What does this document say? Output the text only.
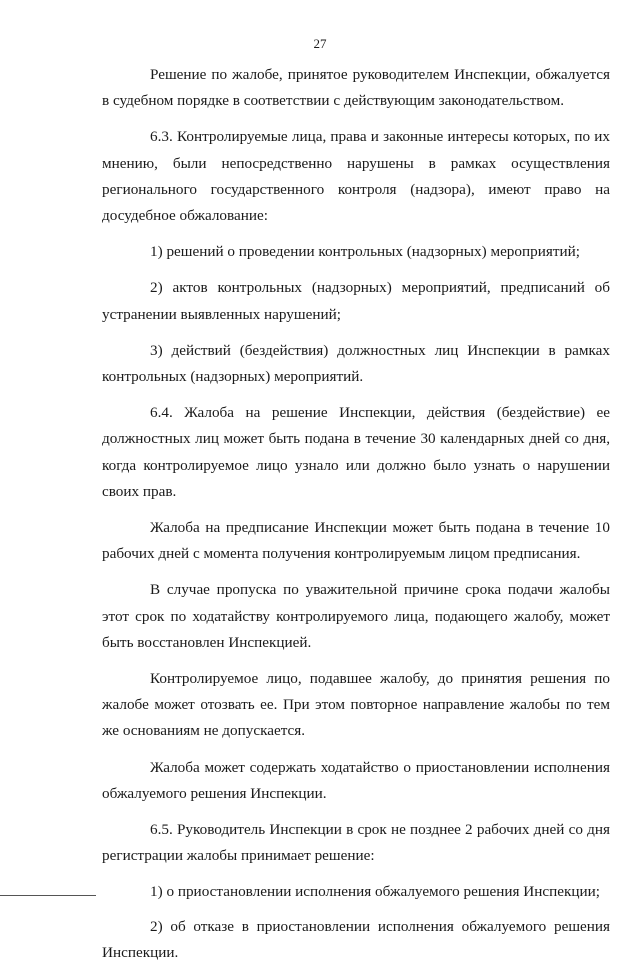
27

Решение по жалобе, принятое руководителем Инспекции, обжалуется в судебном порядке в соответствии с действующим законодательством.

6.3. Контролируемые лица, права и законные интересы которых, по их мнению, были непосредственно нарушены в рамках осуществления регионального государственного контроля (надзора), имеют право на досудебное обжалование:

1) решений о проведении контрольных (надзорных) мероприятий;

2) актов контрольных (надзорных) мероприятий, предписаний об устранении выявленных нарушений;

3) действий (бездействия) должностных лиц Инспекции в рамках контрольных (надзорных) мероприятий.

6.4. Жалоба на решение Инспекции, действия (бездействие) ее должностных лиц может быть подана в течение 30 календарных дней со дня, когда контролируемое лицо узнало или должно было узнать о нарушении своих прав.

Жалоба на предписание Инспекции может быть подана в течение 10 рабочих дней с момента получения контролируемым лицом предписания.

В случае пропуска по уважительной причине срока подачи жалобы этот срок по ходатайству контролируемого лица, подающего жалобу, может быть восстановлен Инспекцией.

Контролируемое лицо, подавшее жалобу, до принятия решения по жалобе может отозвать ее. При этом повторное направление жалобы по тем же основаниям не допускается.

Жалоба может содержать ходатайство о приостановлении исполнения обжалуемого решения Инспекции.

6.5. Руководитель Инспекции в срок не позднее 2 рабочих дней со дня регистрации жалобы принимает решение:

1) о приостановлении исполнения обжалуемого решения Инспекции;

2) об отказе в приостановлении исполнения обжалуемого решения Инспекции.
